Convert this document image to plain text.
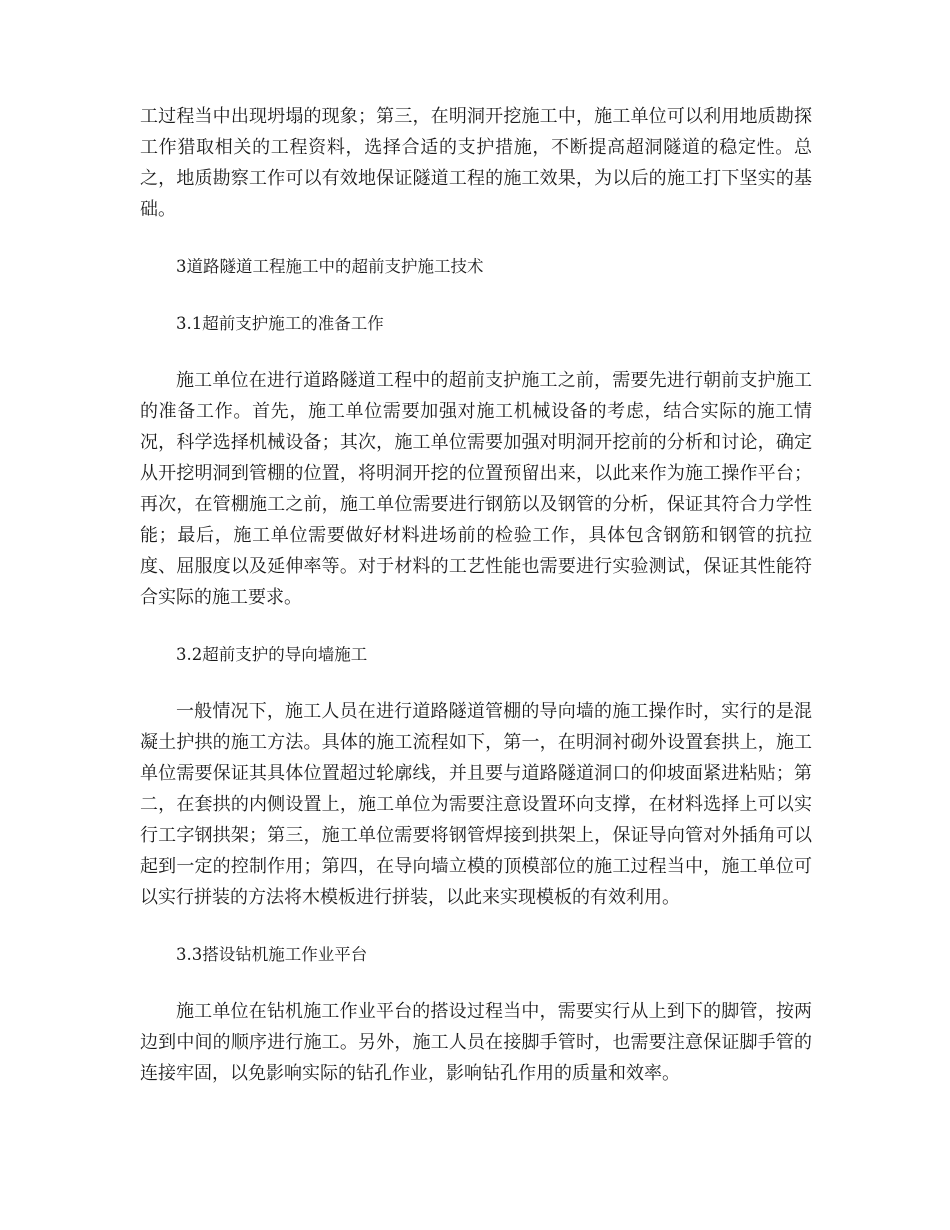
工过程当中出现坍塌的现象；第三，在明洞开挖施工中，施工单位可以利用地质勘探工作猎取相关的工程资料，选择合适的支护措施，不断提高超洞隧道的稳定性。总之，地质勘察工作可以有效地保证隧道工程的施工效果，为以后的施工打下坚实的基础。

3道路隧道工程施工中的超前支护施工技术

3.1超前支护施工的准备工作

施工单位在进行道路隧道工程中的超前支护施工之前，需要先进行朝前支护施工的准备工作。首先，施工单位需要加强对施工机械设备的考虑，结合实际的施工情况，科学选择机械设备；其次，施工单位需要加强对明洞开挖前的分析和讨论，确定从开挖明洞到管棚的位置，将明洞开挖的位置预留出来，以此来作为施工操作平台；再次，在管棚施工之前，施工单位需要进行钢筋以及钢管的分析，保证其符合力学性能；最后，施工单位需要做好材料进场前的检验工作，具体包含钢筋和钢管的抗拉度、屈服度以及延伸率等。对于材料的工艺性能也需要进行实验测试，保证其性能符合实际的施工要求。

3.2超前支护的导向墙施工

一般情况下，施工人员在进行道路隧道管棚的导向墙的施工操作时，实行的是混凝土护拱的施工方法。具体的施工流程如下，第一，在明洞衬砌外设置套拱上，施工单位需要保证其具体位置超过轮廓线，并且要与道路隧道洞口的仰坡面紧进粘贴；第二，在套拱的内侧设置上，施工单位为需要注意设置环向支撑，在材料选择上可以实行工字钢拱架；第三，施工单位需要将钢管焊接到拱架上，保证导向管对外插角可以起到一定的控制作用；第四，在导向墙立模的顶模部位的施工过程当中，施工单位可以实行拼装的方法将木模板进行拼装，以此来实现模板的有效利用。

3.3搭设钻机施工作业平台

施工单位在钻机施工作业平台的搭设过程当中，需要实行从上到下的脚管，按两边到中间的顺序进行施工。另外，施工人员在接脚手管时，也需要注意保证脚手管的连接牢固，以免影响实际的钻孔作业，影响钻孔作用的质量和效率。
